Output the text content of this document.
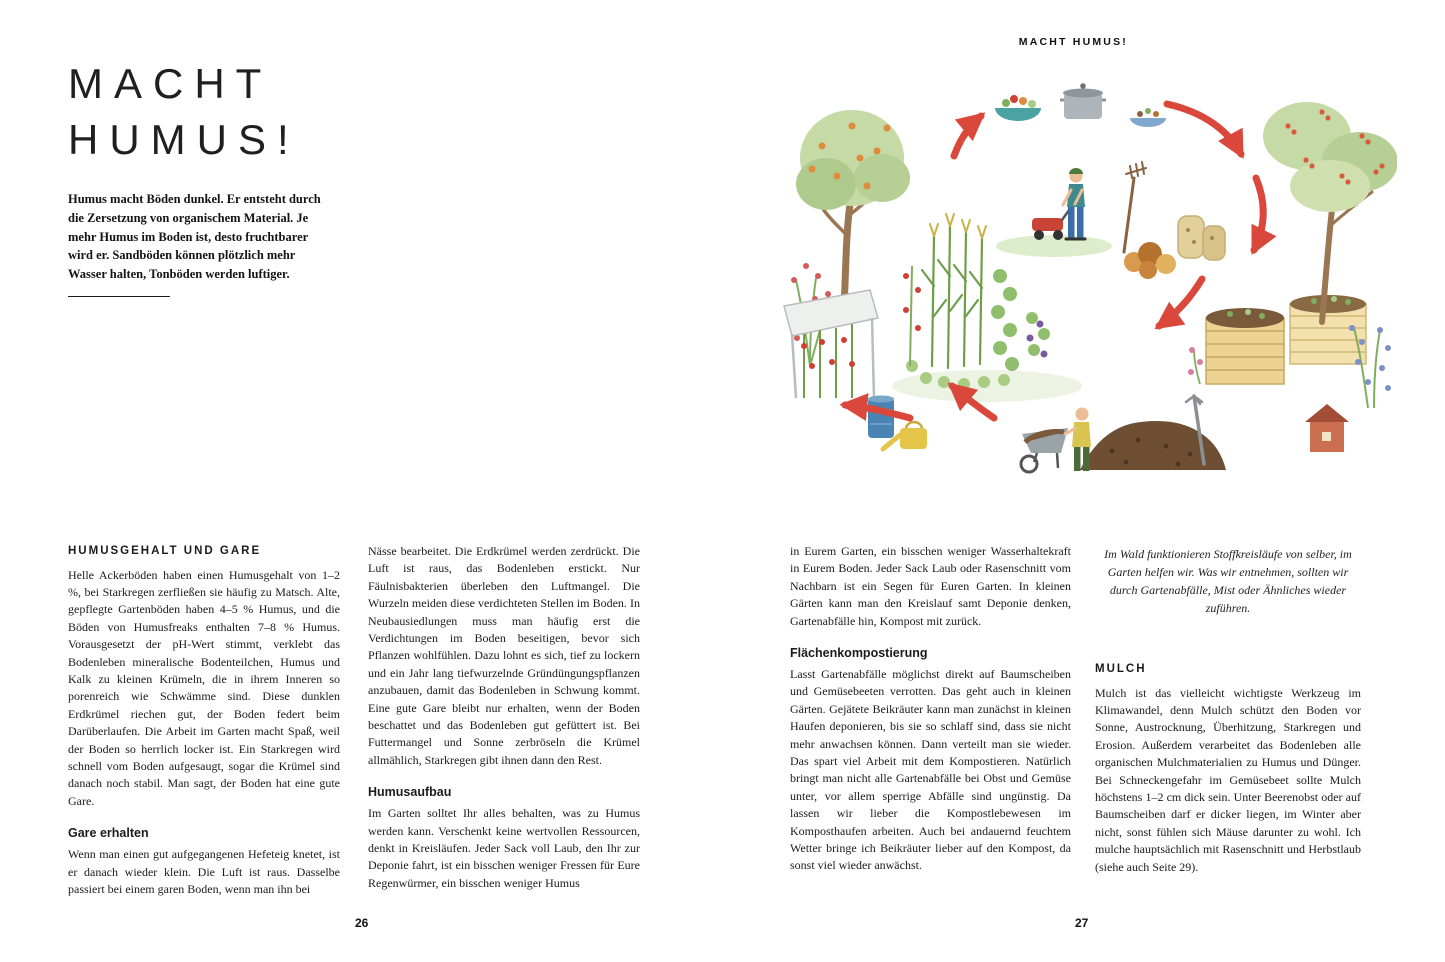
MACHT
HUMUS!
Humus macht Böden dunkel. Er entsteht durch die Zersetzung von organischem Material. Je mehr Humus im Boden ist, desto fruchtbarer wird er. Sandböden können plötzlich mehr Wasser halten, Tonböden werden luftiger.
HUMUSGEHALT UND GARE

Helle Ackerböden haben einen Humusgehalt von 1–2 %, bei Starkregen zerfließen sie häufig zu Matsch. Alte, gepflegte Gartenböden haben 4–5 % Humus, und die Böden von Humusfreaks enthalten 7–8 % Humus. Vorausgesetzt der pH-Wert stimmt, verklebt das Bodenleben mineralische Bodenteilchen, Humus und Kalk zu kleinen Krümeln, die in ihrem Inneren so porenreich wie Schwämme sind. Diese dunklen Erdkrümel riechen gut, der Boden federt beim Darüberlaufen. Die Arbeit im Garten macht Spaß, weil der Boden so herrlich locker ist. Ein Starkregen wird schnell vom Boden aufgesaugt, sogar die Krümel sind danach noch stabil. Man sagt, der Boden hat eine gute Gare.

Gare erhalten

Wenn man einen gut aufgegangenen Hefeteig knetet, ist er danach wieder klein. Die Luft ist raus. Dasselbe passiert bei einem garen Boden, wenn man ihn bei

Nässe bearbeitet. Die Erdkrümel werden zerdrückt. Die Luft ist raus, das Bodenleben erstickt. Nur Fäulnisbakterien überleben den Luftmangel. Die Wurzeln meiden diese verdichteten Stellen im Boden. In Neubausiedlungen muss man häufig erst die Verdichtungen im Boden beseitigen, bevor sich Pflanzen wohlfühlen. Dazu lohnt es sich, tief zu lockern und ein Jahr lang tiefwurzelnde Gründüngungspflanzen anzubauen, damit das Bodenleben in Schwung kommt. Eine gute Gare bleibt nur erhalten, wenn der Boden beschattet und das Bodenleben gut gefüttert ist. Bei Futtermangel und Sonne zerbröseln die Krümel allmählich, Starkregen gibt ihnen dann den Rest.

Humusaufbau

Im Garten solltet Ihr alles behalten, was zu Humus werden kann. Verschenkt keine wertvollen Ressourcen, denkt in Kreisläufen. Jeder Sack voll Laub, den Ihr zur Deponie fahrt, ist ein bisschen weniger Fressen für Eure Regenwürmer, ein bisschen weniger Humus

26
MACHT HUMUS!

in Eurem Garten, ein bisschen weniger Wasserhaltekraft in Eurem Boden. Jeder Sack Laub oder Rasenschnitt vom Nachbarn ist ein Segen für Euren Garten. In kleinen Gärten kann man den Kreislauf samt Deponie denken, Gartenabfälle hin, Kompost mit zurück.

Flächenkompostierung

Lasst Gartenabfälle möglichst direkt auf Baumscheiben und Gemüsebeeten verrotten. Das geht auch in kleinen Gärten. Gejätete Beikräuter kann man zunächst in kleinen Haufen deponieren, bis sie so schlaff sind, dass sie nicht mehr anwachsen können. Dann verteilt man sie wieder. Das spart viel Arbeit mit dem Kompostieren. Natürlich bringt man nicht alle Gartenabfälle bei Obst und Gemüse unter, vor allem sperrige Abfälle sind ungünstig. Da lassen wir lieber die Kompostlebewesen im Komposthaufen arbeiten. Auch bei andauernd feuchtem Wetter bringe ich Beikräuter lieber auf den Kompost, da sonst viel wieder anwächst.

Im Wald funktionieren Stoffkreisläufe von selber, im Garten helfen wir. Was wir entnehmen, sollten wir durch Gartenabfälle, Mist oder Ähnliches wieder zuführen.
MULCH

Mulch ist das vielleicht wichtigste Werkzeug im Klimawandel, denn Mulch schützt den Boden vor Sonne, Austrocknung, Überhitzung, Starkregen und Erosion. Außerdem verarbeitet das Bodenleben alle organischen Mulchmaterialien zu Humus und Dünger. Bei Schneckengefahr im Gemüsebeet sollte Mulch höchstens 1–2 cm dick sein. Unter Beerenobst oder auf Baumscheiben darf er dicker liegen, im Winter aber nicht, sonst fühlen sich Mäuse darunter zu wohl. Ich mulche hauptsächlich mit Rasenschnitt und Herbstlaub (siehe auch Seite 29).

27
